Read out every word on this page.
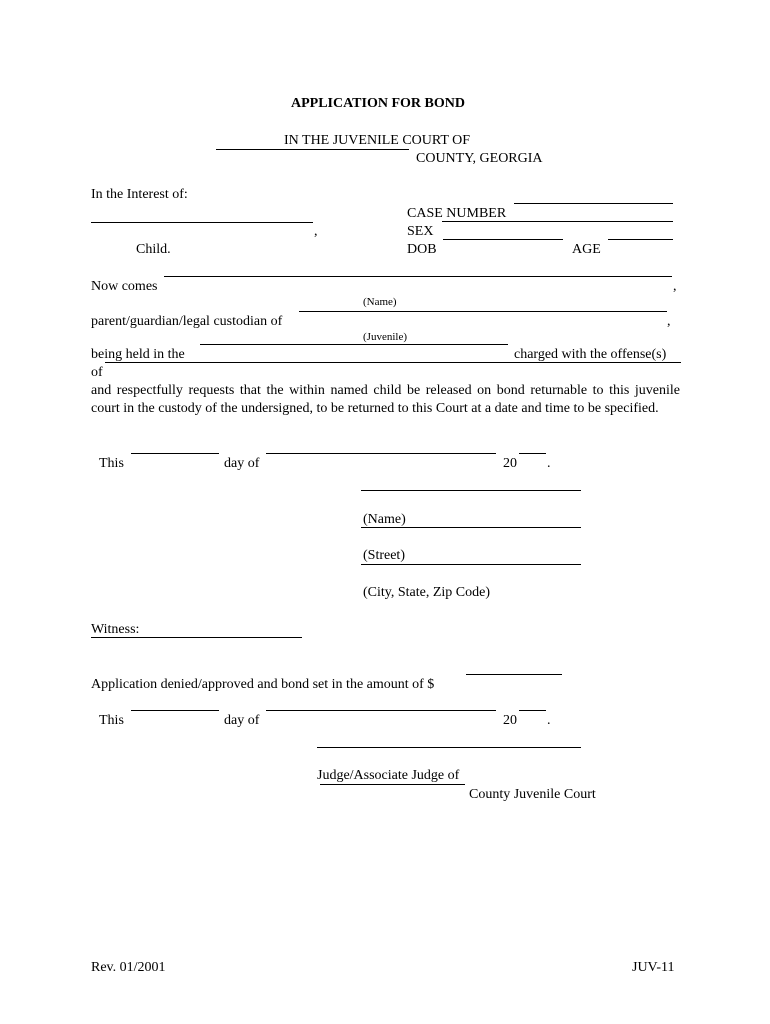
APPLICATION FOR BOND
IN THE JUVENILE COURT OF
COUNTY, GEORGIA
In the Interest of:
CASE NUMBER
,	SEX
Child.	DOB	AGE
Now comes	,
(Name)
parent/guardian/legal custodian of	,
(Juvenile)
being held in the	charged with the offense(s)
of
and respectfully requests that the within named child be released on bond returnable to this juvenile court in the custody of the undersigned, to be returned to this Court at a date and time to be specified.
This	day of	20 .
(Name)
(Street)
(City, State, Zip Code)
Witness:
Application denied/approved and bond set in the amount of $
This	day of	20 .
Judge/Associate Judge of
County Juvenile Court
Rev. 01/2001	JUV-11
